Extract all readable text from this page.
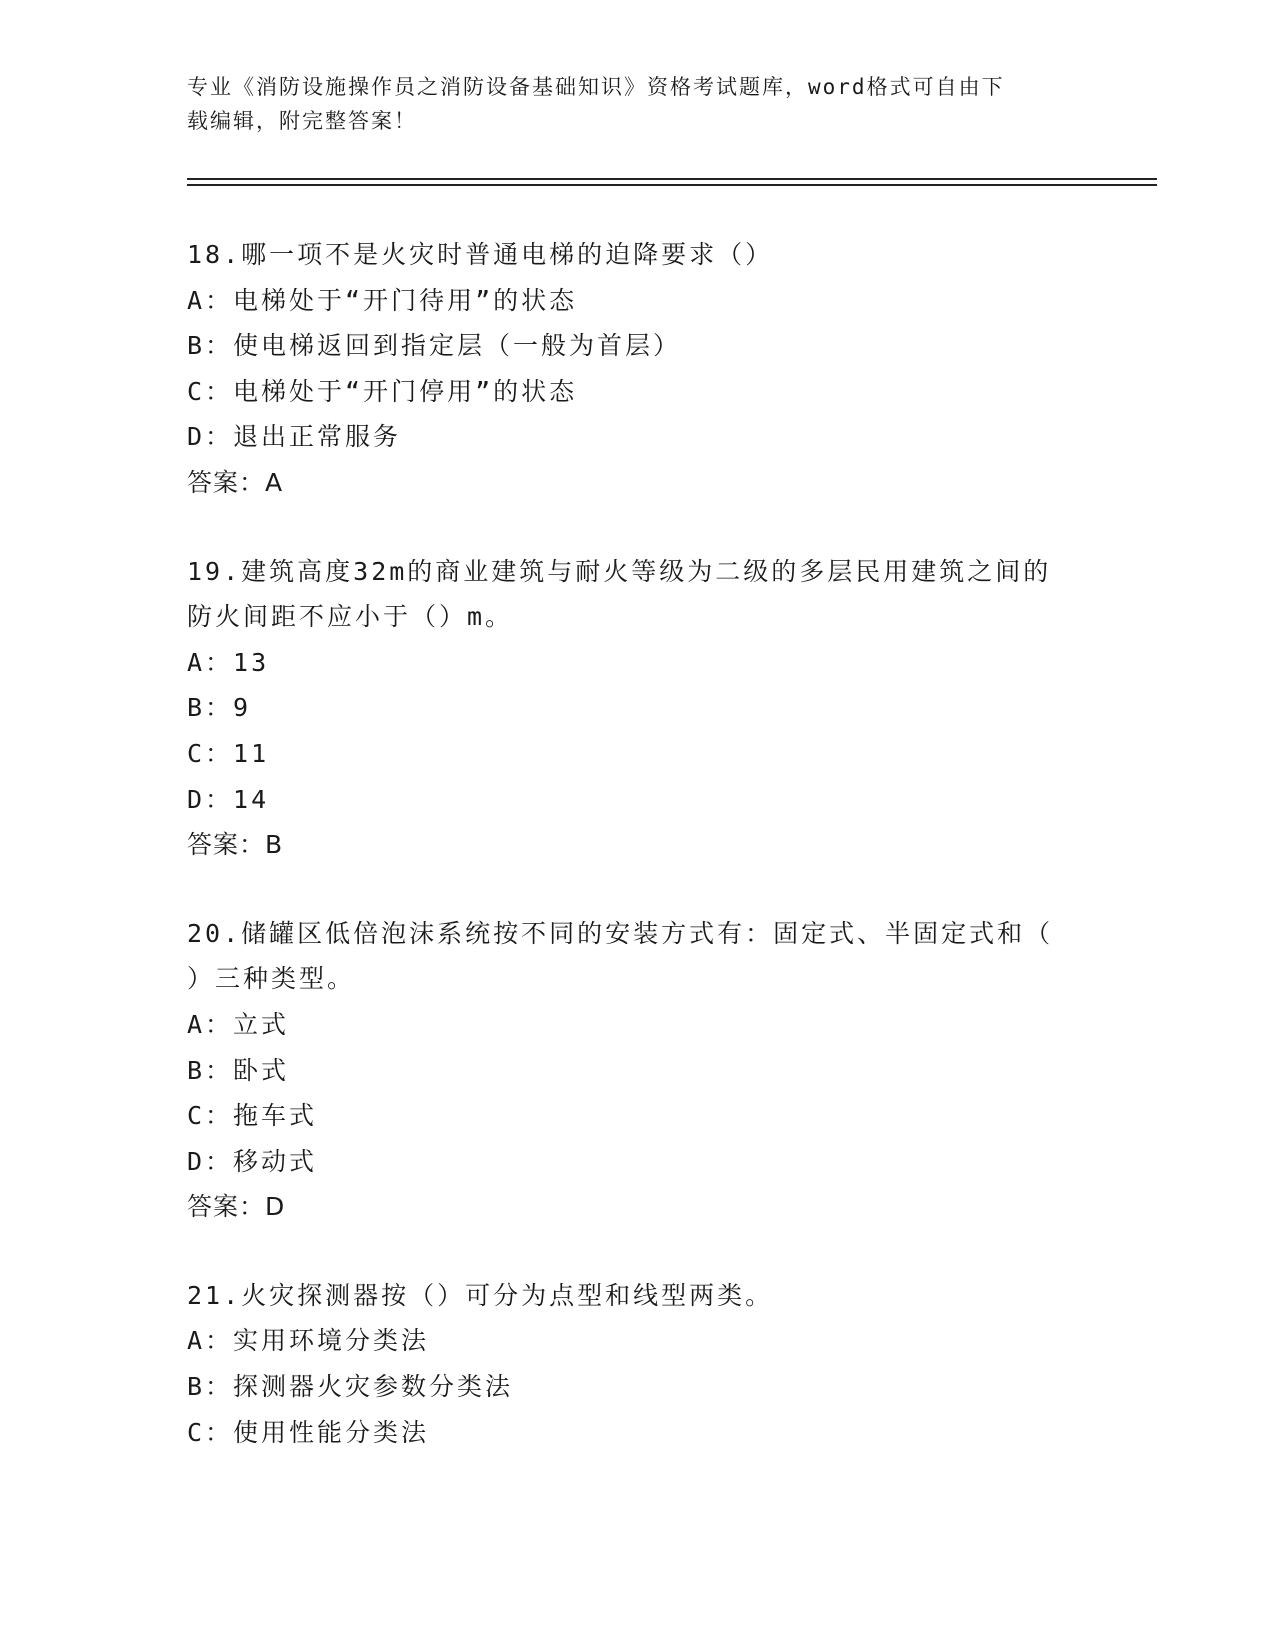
专业《消防设施操作员之消防设备基础知识》资格考试题库，word格式可自由下
载编辑，附完整答案！
18.哪一项不是火灾时普通电梯的迫降要求（）
A：电梯处于“开门待用”的状态
B：使电梯返回到指定层（一般为首层）
C：电梯处于“开门停用”的状态
D：退出正常服务
答案：A
19.建筑高度32m的商业建筑与耐火等级为二级的多层民用建筑之间的
防火间距不应小于（）m。
A：13
B：9
C：11
D：14
答案：B
20.储罐区低倍泡沫系统按不同的安装方式有：固定式、半固定式和（
）三种类型。
A：立式
B：卧式
C：拖车式
D：移动式
答案：D
21.火灾探测器按（）可分为点型和线型两类。
A：实用环境分类法
B：探测器火灾参数分类法
C：使用性能分类法
